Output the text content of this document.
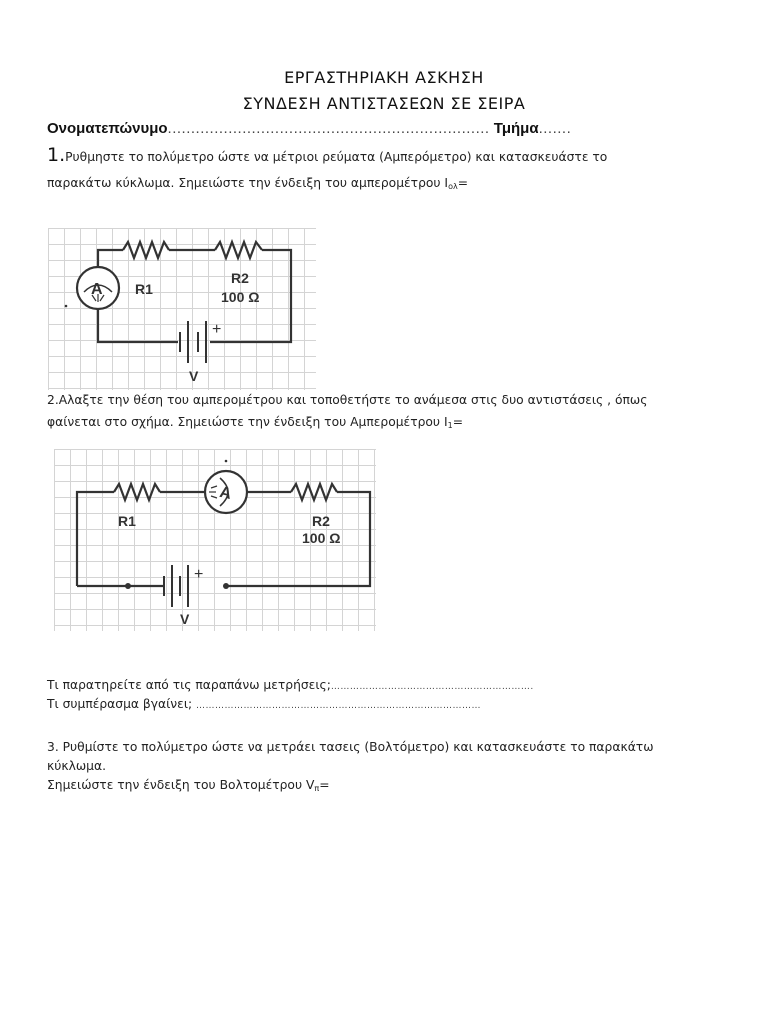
ΕΡΓΑΣΤΗΡΙΑΚΗ ΑΣΚΗΣΗ
ΣΥΝΔΕΣΗ ΑΝΤΙΣΤΑΣΕΩΝ ΣΕ ΣΕΙΡΑ
Ονοματεπώνυμο..................................................................... Τμήμα.......
1.Ρυθμηστε το πολύμετρο ώστε να μέτριοι ρεύματα (Αμπερόμετρο) και κατασκευάστε το
παρακάτω κύκλωμα. Σημειώστε την ένδειξη του αμπερομέτρου $I_{o\lambda}=$
A R1
R2
100 Ω
+
V
2.Αλαξτε την θέση του αμπερομέτρου και τοποθετήστε το ανάμεσα στις δυο αντιστάσεις , όπως
φαίνεται στο σχήμα. Σημειώστε την ένδειξη του Αμπερομέτρου $I_1=$
A
R1	R2
100 Ω
+
V
Τι παρατηρείτε από τις παραπάνω μετρήσεις;……………………………………………………….
Τι συμπέρασμα βγαίνει; ………………………………………………………………………………
3. Ρυθμίστε το πολύμετρο ώστε να μετράει τασεις (Βολτόμετρο) και κατασκευάστε το παρακάτω
κύκλωμα.
Σημειώστε την ένδειξη του Βολτομέτρου $V_\pi=$
